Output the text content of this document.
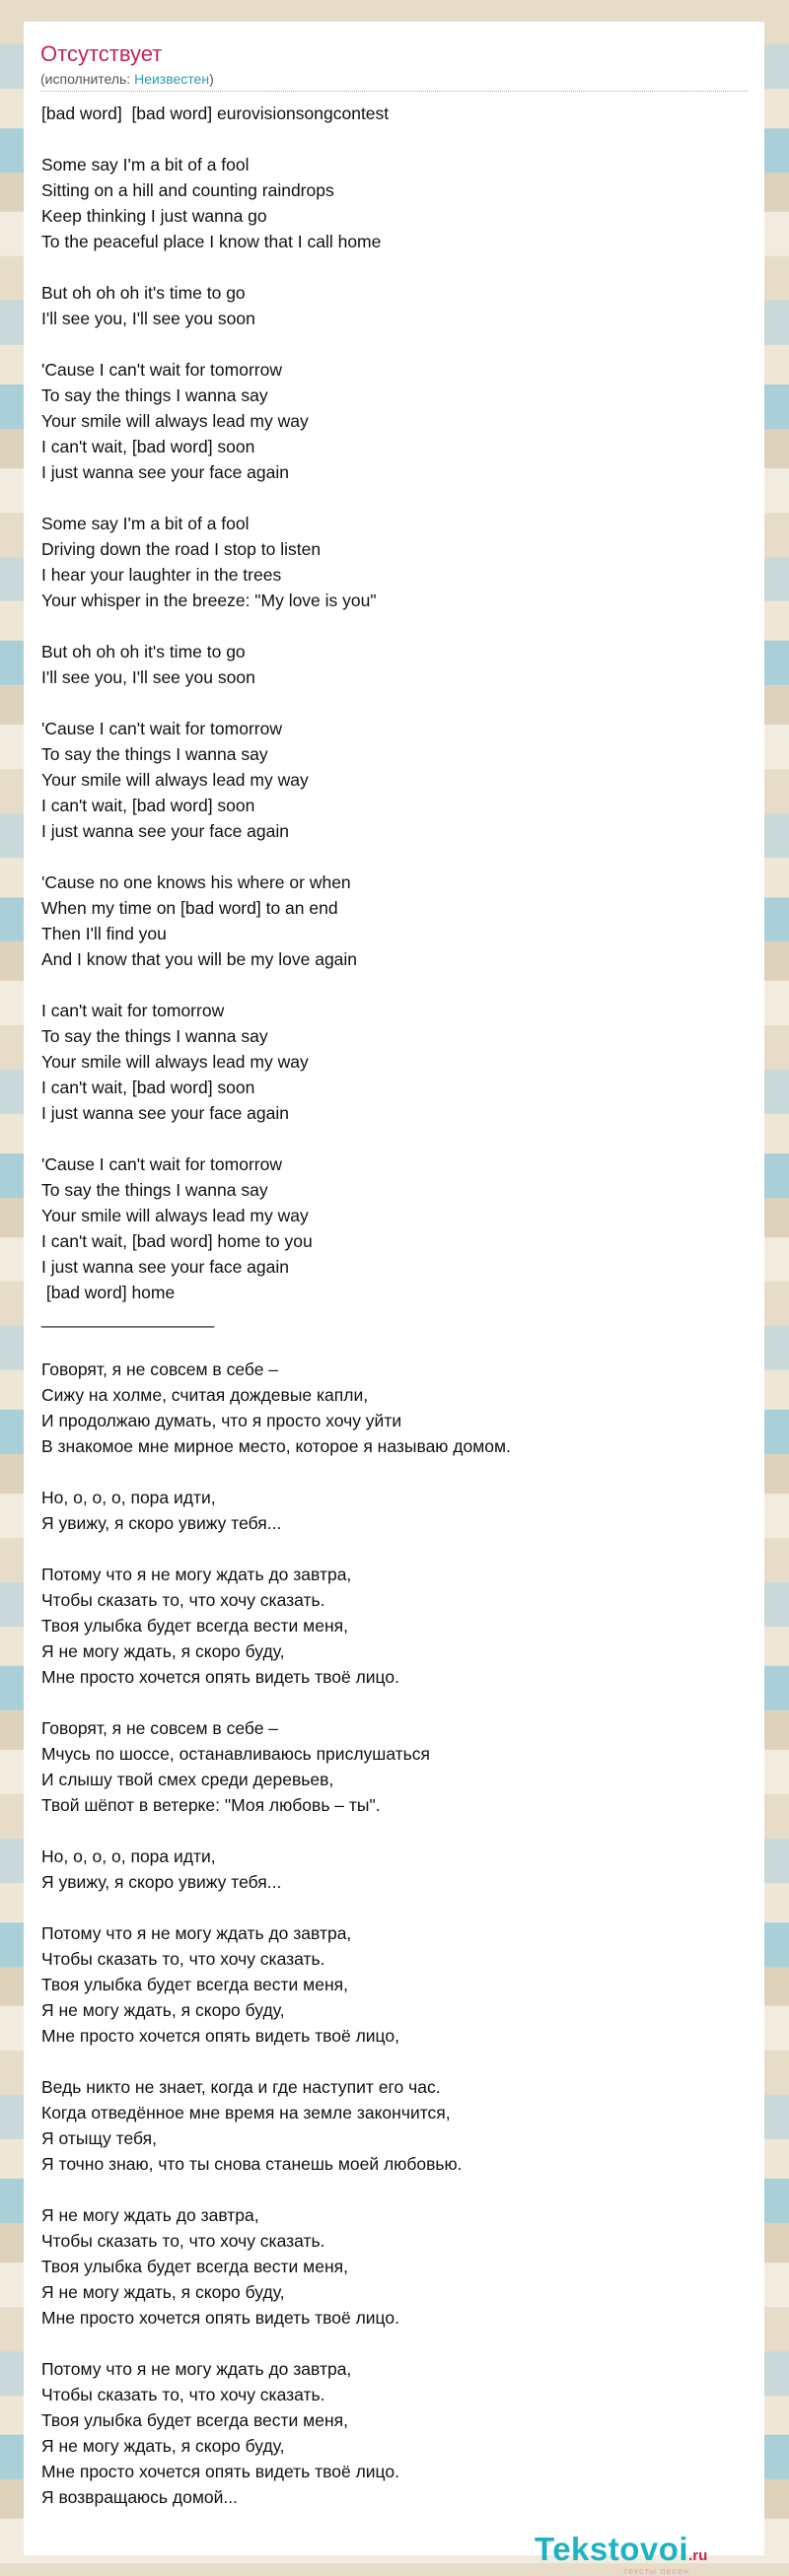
Отсутствует
(исполнитель: Неизвестен)
[bad word]  [bad word] eurovisionsongcontest

Some say I'm a bit of a fool
Sitting on a hill and counting raindrops
Keep thinking I just wanna go
To the peaceful place I know that I call home

But oh oh oh it's time to go
I'll see you, I'll see you soon

'Cause I can't wait for tomorrow
To say the things I wanna say
Your smile will always lead my way
I can't wait, [bad word] soon
I just wanna see your face again

Some say I'm a bit of a fool
Driving down the road I stop to listen
I hear your laughter in the trees
Your whisper in the breeze: "My love is you"

But oh oh oh it's time to go
I'll see you, I'll see you soon

'Cause I can't wait for tomorrow
To say the things I wanna say
Your smile will always lead my way
I can't wait, [bad word] soon
I just wanna see your face again

'Cause no one knows his where or when
When my time on [bad word] to an end
Then I'll find you
And I know that you will be my love again

I can't wait for tomorrow
To say the things I wanna say
Your smile will always lead my way
I can't wait, [bad word] soon
I just wanna see your face again

'Cause I can't wait for tomorrow
To say the things I wanna say
Your smile will always lead my way
I can't wait, [bad word] home to you
I just wanna see your face again
[bad word] home
__________________

Говорят, я не совсем в себе –
Сижу на холме, считая дождевые капли,
И продолжаю думать, что я просто хочу уйти
В знакомое мне мирное место, которое я называю домом.

Но, о, о, о, пора идти,
Я увижу, я скоро увижу тебя...

Потому что я не могу ждать до завтра,
Чтобы сказать то, что хочу сказать.
Твоя улыбка будет всегда вести меня,
Я не могу ждать, я скоро буду,
Мне просто хочется опять видеть твоё лицо.

Говорят, я не совсем в себе –
Мчусь по шоссе, останавливаюсь прислушаться
И слышу твой смех среди деревьев,
Твой шёпот в ветерке: "Моя любовь – ты".

Но, о, о, о, пора идти,
Я увижу, я скоро увижу тебя...

Потому что я не могу ждать до завтра,
Чтобы сказать то, что хочу сказать.
Твоя улыбка будет всегда вести меня,
Я не могу ждать, я скоро буду,
Мне просто хочется опять видеть твоё лицо,

Ведь никто не знает, когда и где наступит его час.
Когда отведённое мне время на земле закончится,
Я отыщу тебя,
Я точно знаю, что ты снова станешь моей любовью.

Я не могу ждать до завтра,
Чтобы сказать то, что хочу сказать.
Твоя улыбка будет всегда вести меня,
Я не могу ждать, я скоро буду,
Мне просто хочется опять видеть твоё лицо.

Потому что я не могу ждать до завтра,
Чтобы сказать то, что хочу сказать.
Твоя улыбка будет всегда вести меня,
Я не могу ждать, я скоро буду,
Мне просто хочется опять видеть твоё лицо.
Я возвращаюсь домой...
Tekstovoi.ru
тексты песен
